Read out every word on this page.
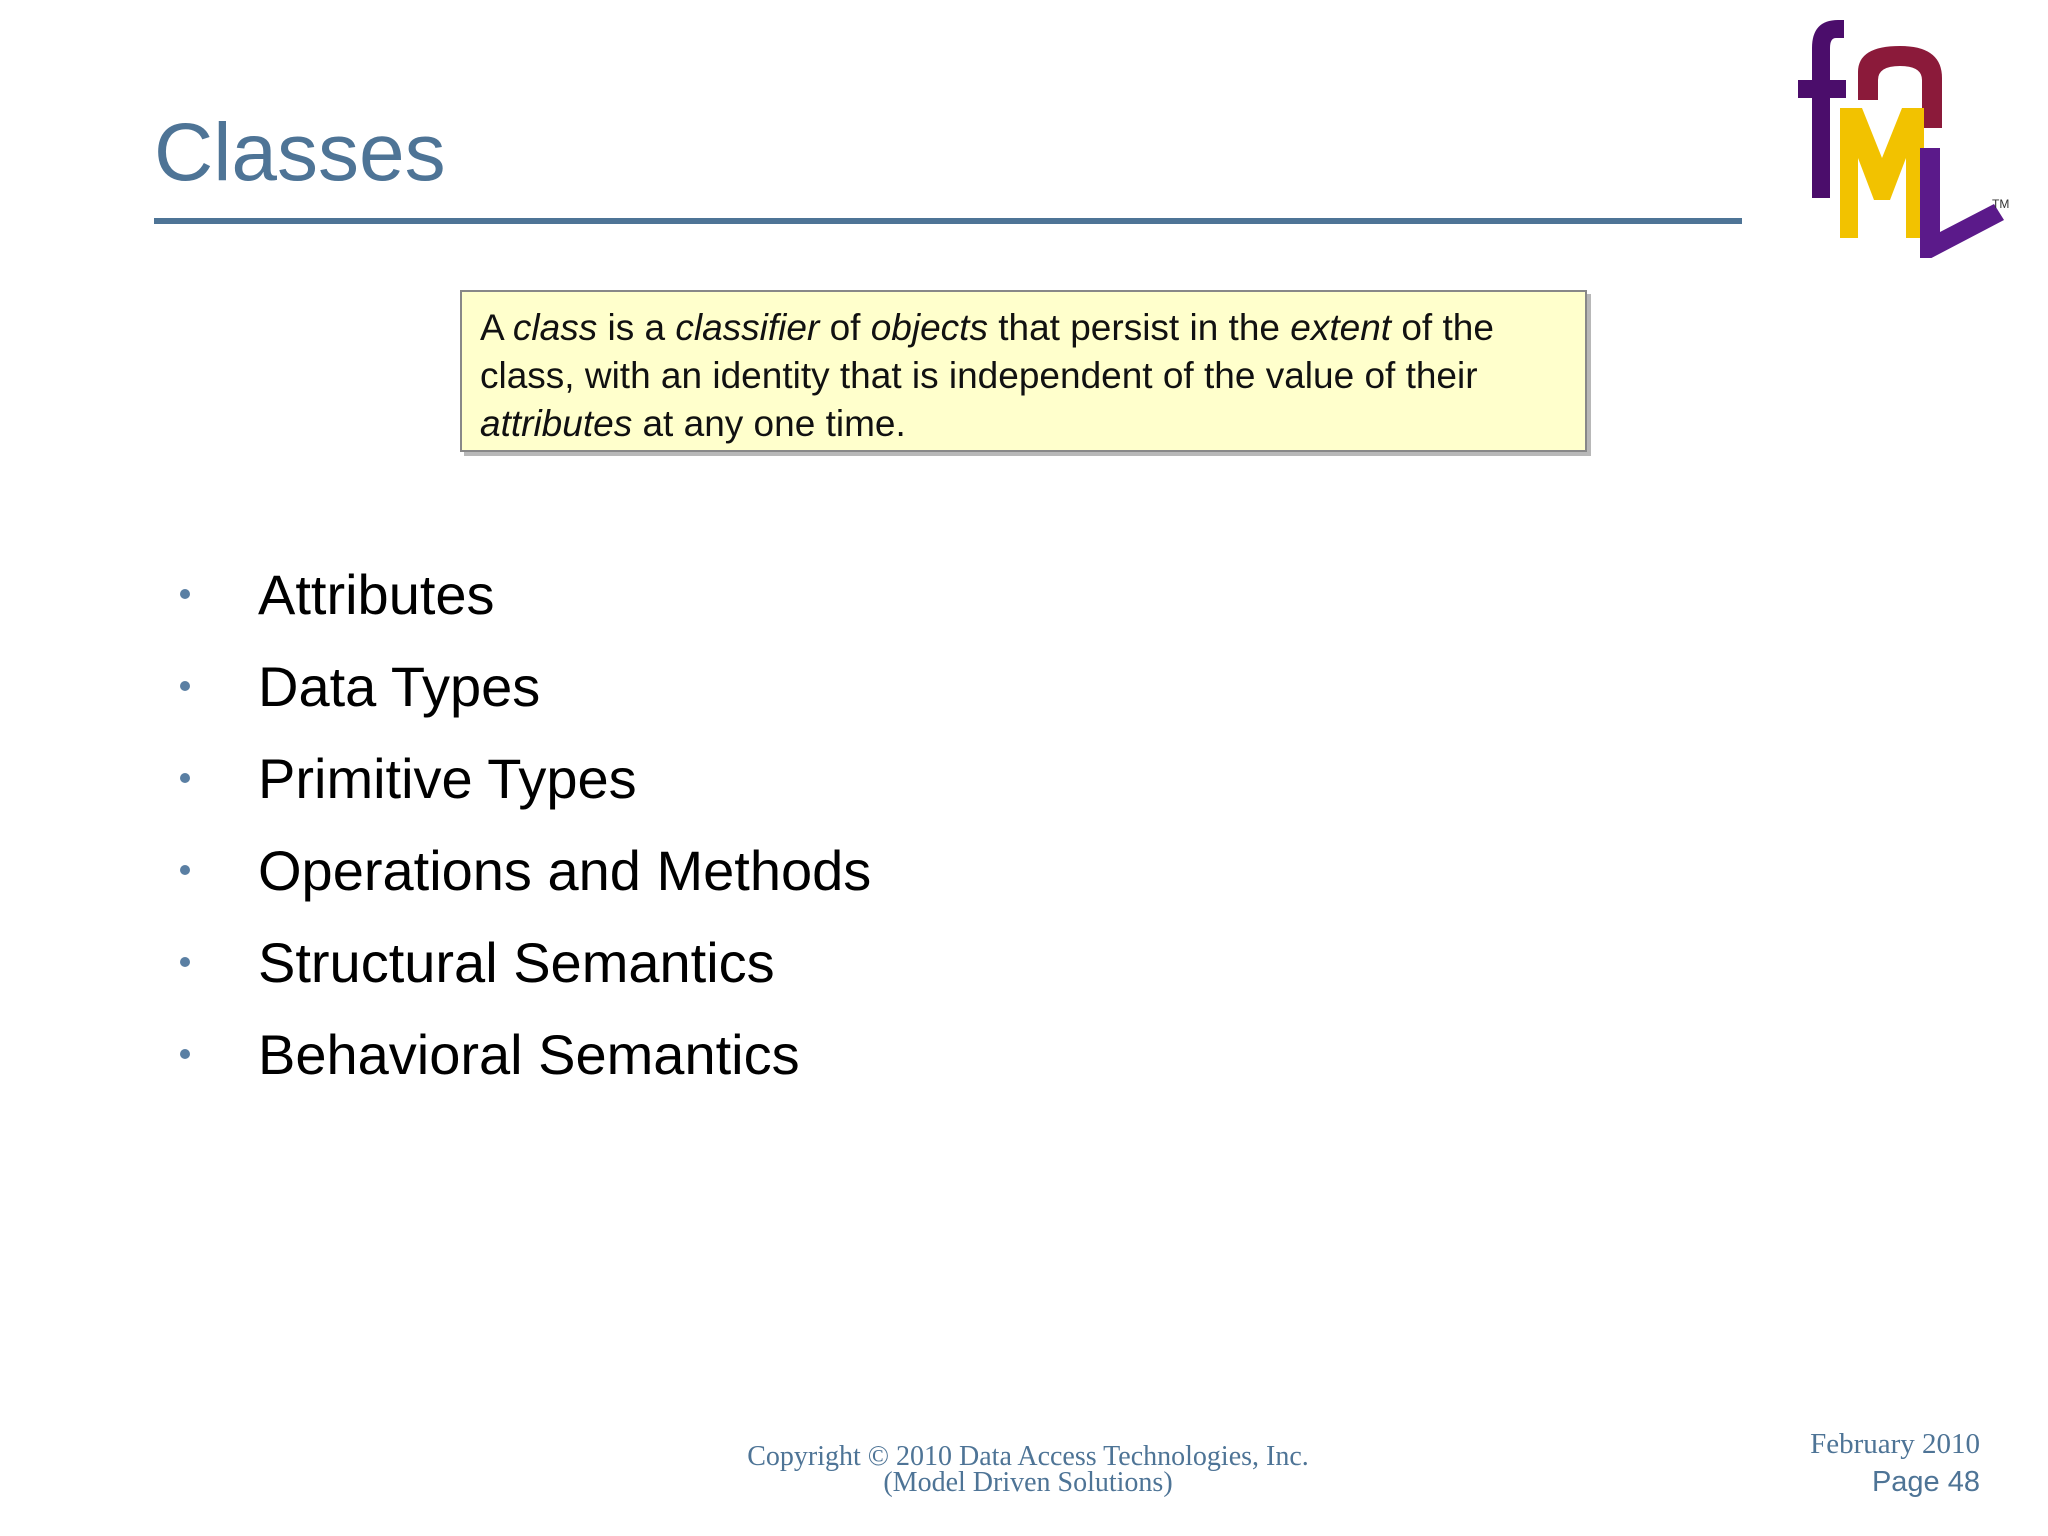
Classes
TM
A class is a classifier of objects that persist in the extent of the class, with an identity that is independent of the value of their attributes at any one time.
Attributes
Data Types
Primitive Types
Operations and Methods
Structural Semantics
Behavioral Semantics
Copyright © 2010 Data Access Technologies, Inc.
(Model Driven Solutions)
February 2010
Page 48
